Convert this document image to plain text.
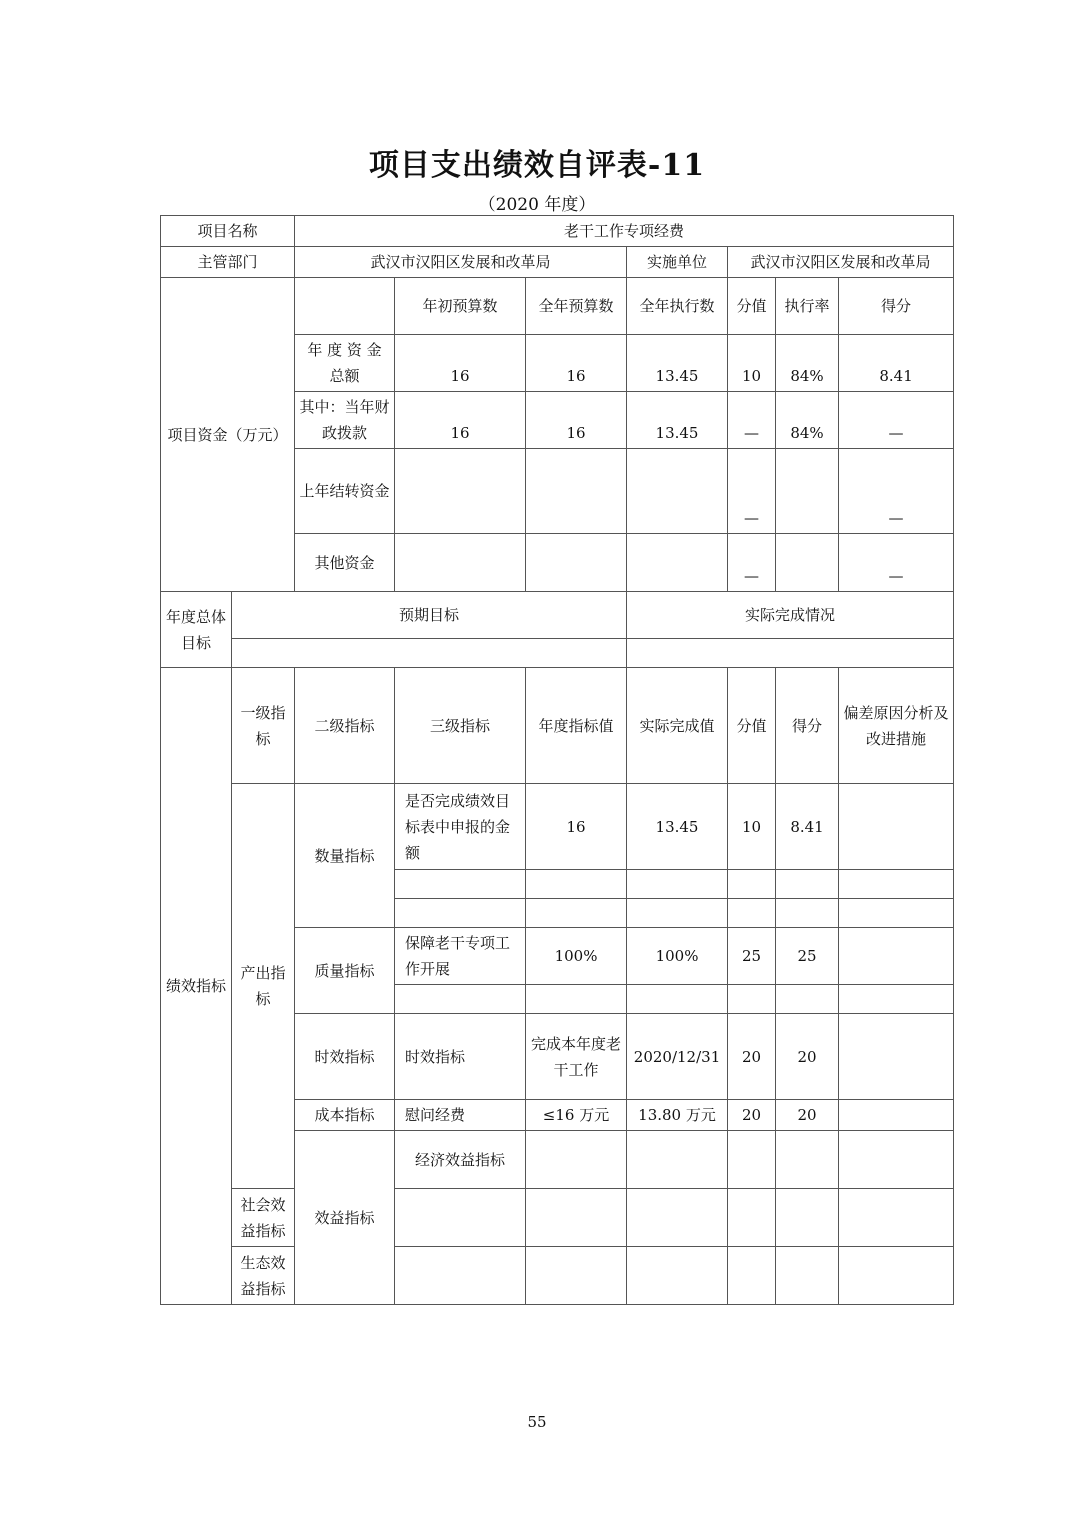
项目支出绩效自评表-11
（2020 年度）
项目名称		老干工作专项经费							
主管部门		武汉市汉阳区发展和改革局			实施单位	武汉市汉阳区发展和改革局			
项目资金（万元）			年初预算数	全年预算数	全年执行数	分值	执行率	得分	
		年 度 资 金 总额	16	16	13.45	10	84%	8.41	
		其中：当年财政拨款	16	16	13.45	—	84%	—	
		上年结转资金				—		—	
		其他资金				—		—	
年度总体目标	预期目标				实际完成情况				

绩效指标	一级指标	二级指标	三级指标	年度指标值	实际完成值	分值	得分	偏差原因分析及改进措施	
	产出指标	数量指标	是否完成绩效目标表中申报的金额	16	13.45	10	8.41		

		质量指标	保障老干专项工作开展	100%	100%	25	25		

		时效指标	时效指标	完成本年度老干工作	2020/12/31	20	20		
		成本指标	慰问经费	≤16 万元	13.80 万元	20	20		
		效益指标	经济效益指标						
	社会效益指标								
	生态效益指标								
55
